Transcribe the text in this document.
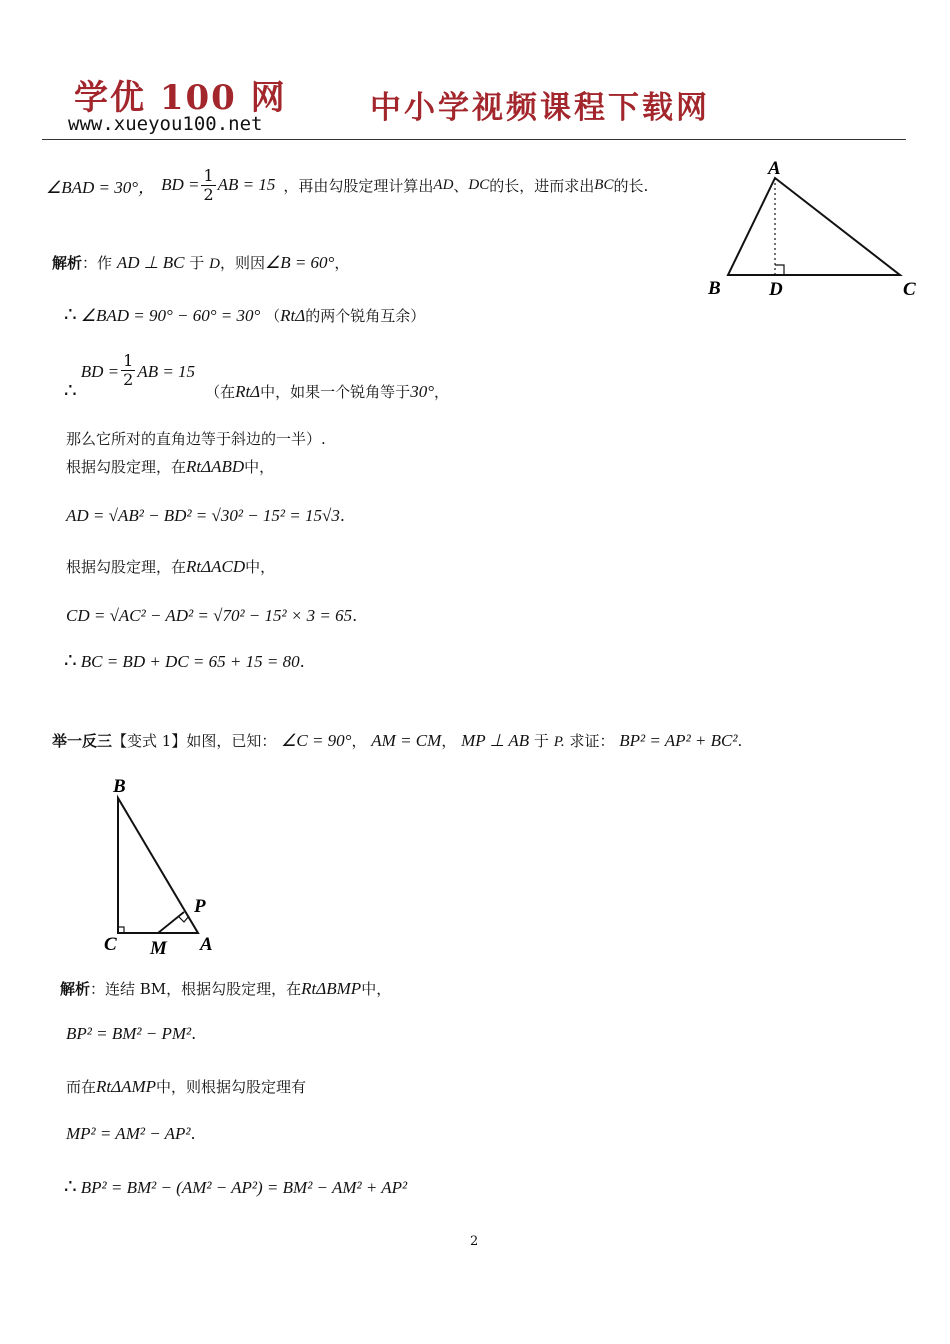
学优 100 网
www.xueyou100.net	中小学视频课程下载网
∠BAD = 30°， BD = $\frac{1}{2}$ AB = 15 ，再由勾股定理计算出 AD 、 DC 的长，进而求出 BC 的长.
A
B	D	C
解析：作 AD ⊥ BC 于 D，则因∠B = 60°，
∴ ∠BAD = 90° − 60° = 30° （RtΔ的两个锐角互余）
∴
BD = $\frac{1}{2}$ AB = 15
（在 RtΔ 中，如果一个锐角等于 30° ，
那么它所对的直角边等于斜边的一半）.
根据勾股定理，在RtΔABD中，
AD = √AB² − BD² = √30² − 15² = 15√3.
根据勾股定理，在RtΔACD中，
CD = √AC² − AD² = √70² − 15² × 3 = 65.
∴ BC = BD + DC = 65 + 15 = 80.
举一反三【变式 1】如图，已知： ∠C = 90°， AM = CM， MP ⊥ AB 于 P. 求证： BP² = AP² + BC².
B
P
C M A
解析：连结 BM，根据勾股定理，在RtΔBMP中，
BP² = BM² − PM².
而在RtΔAMP中，则根据勾股定理有
MP² = AM² − AP².
∴ BP² = BM² − (AM² − AP²) = BM² − AM² + AP²
2
